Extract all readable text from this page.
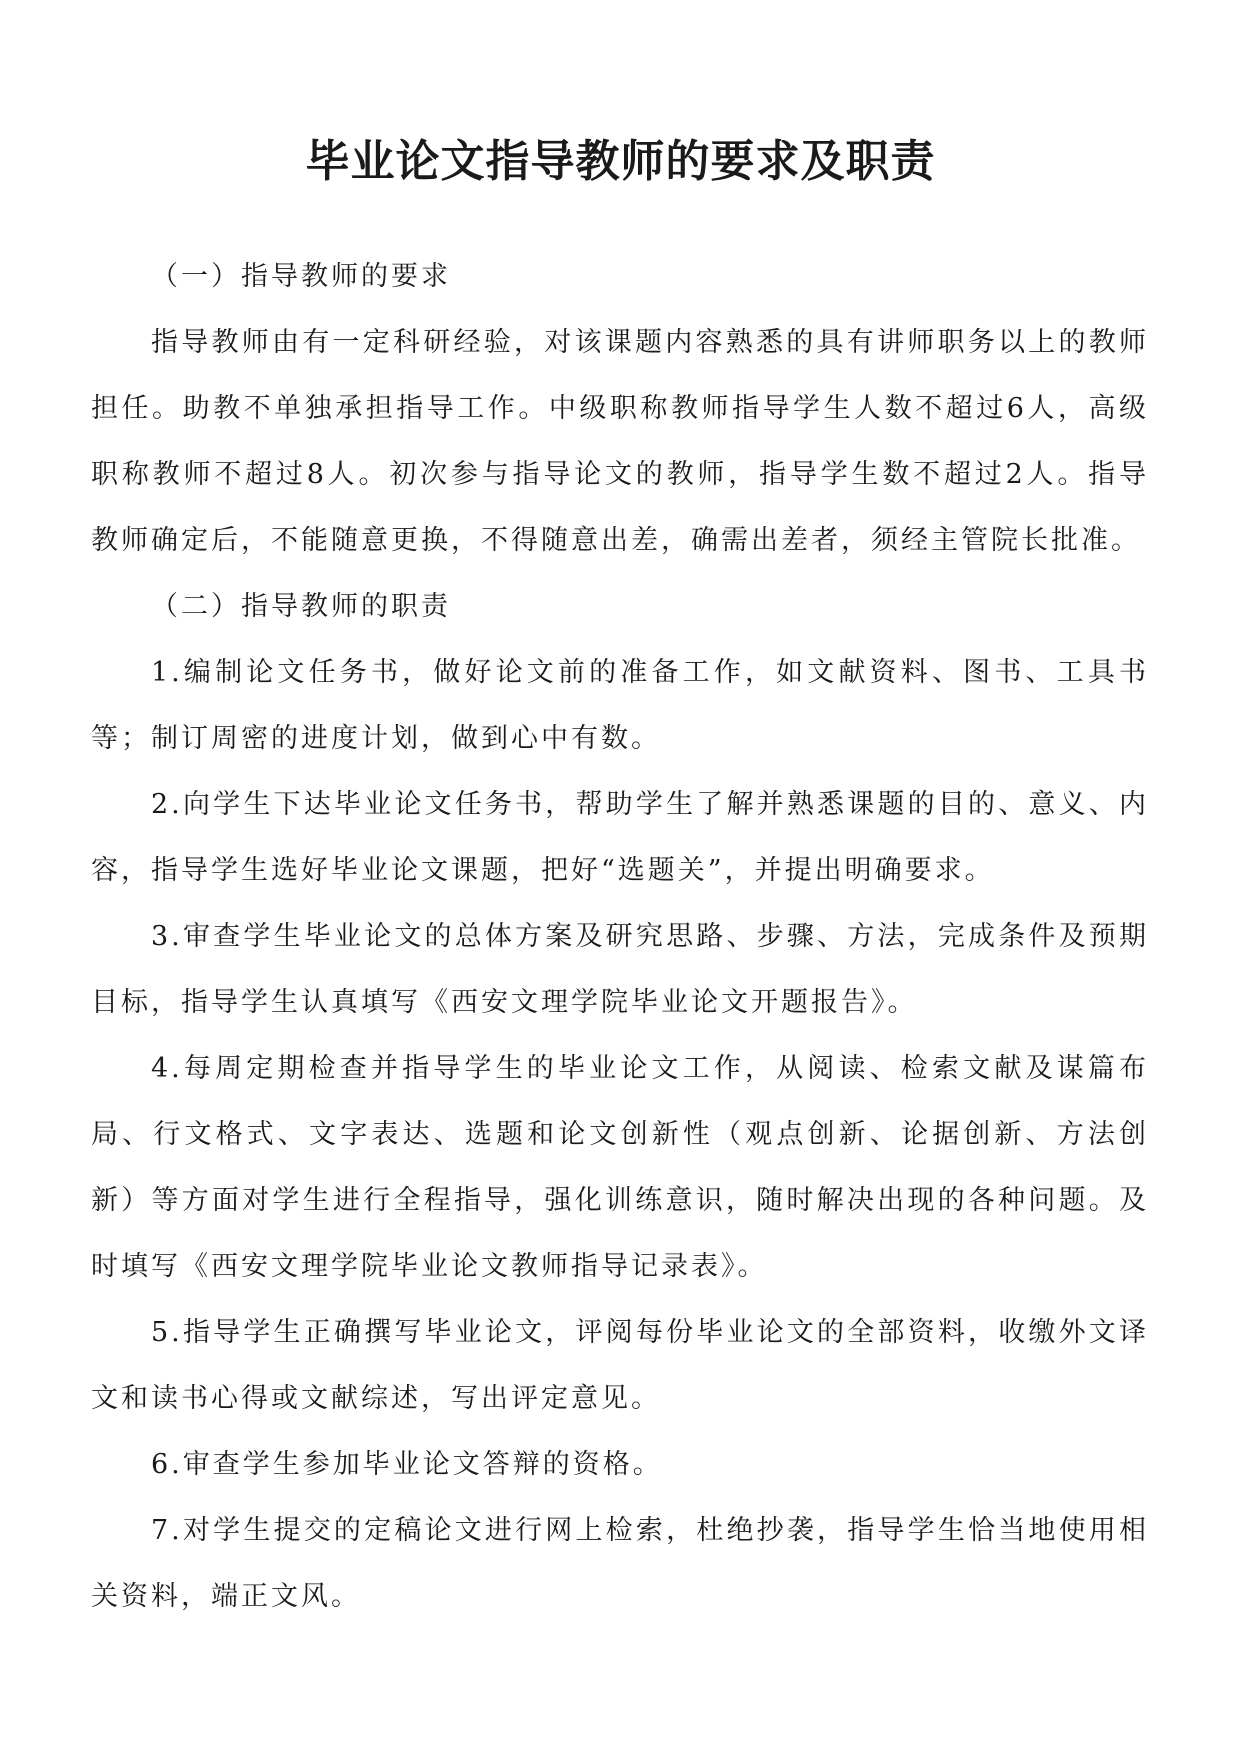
毕业论文指导教师的要求及职责

（一）指导教师的要求

指导教师由有一定科研经验，对该课题内容熟悉的具有讲师职务以上的教师担任。助教不单独承担指导工作。中级职称教师指导学生人数不超过6人，高级职称教师不超过8人。初次参与指导论文的教师，指导学生数不超过2人。指导教师确定后，不能随意更换，不得随意出差，确需出差者，须经主管院长批准。

（二）指导教师的职责

1.编制论文任务书，做好论文前的准备工作，如文献资料、图书、工具书等；制订周密的进度计划，做到心中有数。

2.向学生下达毕业论文任务书，帮助学生了解并熟悉课题的目的、意义、内容，指导学生选好毕业论文课题，把好“选题关”，并提出明确要求。

3.审查学生毕业论文的总体方案及研究思路、步骤、方法，完成条件及预期目标，指导学生认真填写《西安文理学院毕业论文开题报告》。

4.每周定期检查并指导学生的毕业论文工作，从阅读、检索文献及谋篇布局、行文格式、文字表达、选题和论文创新性（观点创新、论据创新、方法创新）等方面对学生进行全程指导，强化训练意识，随时解决出现的各种问题。及时填写《西安文理学院毕业论文教师指导记录表》。

5.指导学生正确撰写毕业论文，评阅每份毕业论文的全部资料，收缴外文译文和读书心得或文献综述，写出评定意见。

6.审查学生参加毕业论文答辩的资格。

7.对学生提交的定稿论文进行网上检索，杜绝抄袭，指导学生恰当地使用相关资料，端正文风。
